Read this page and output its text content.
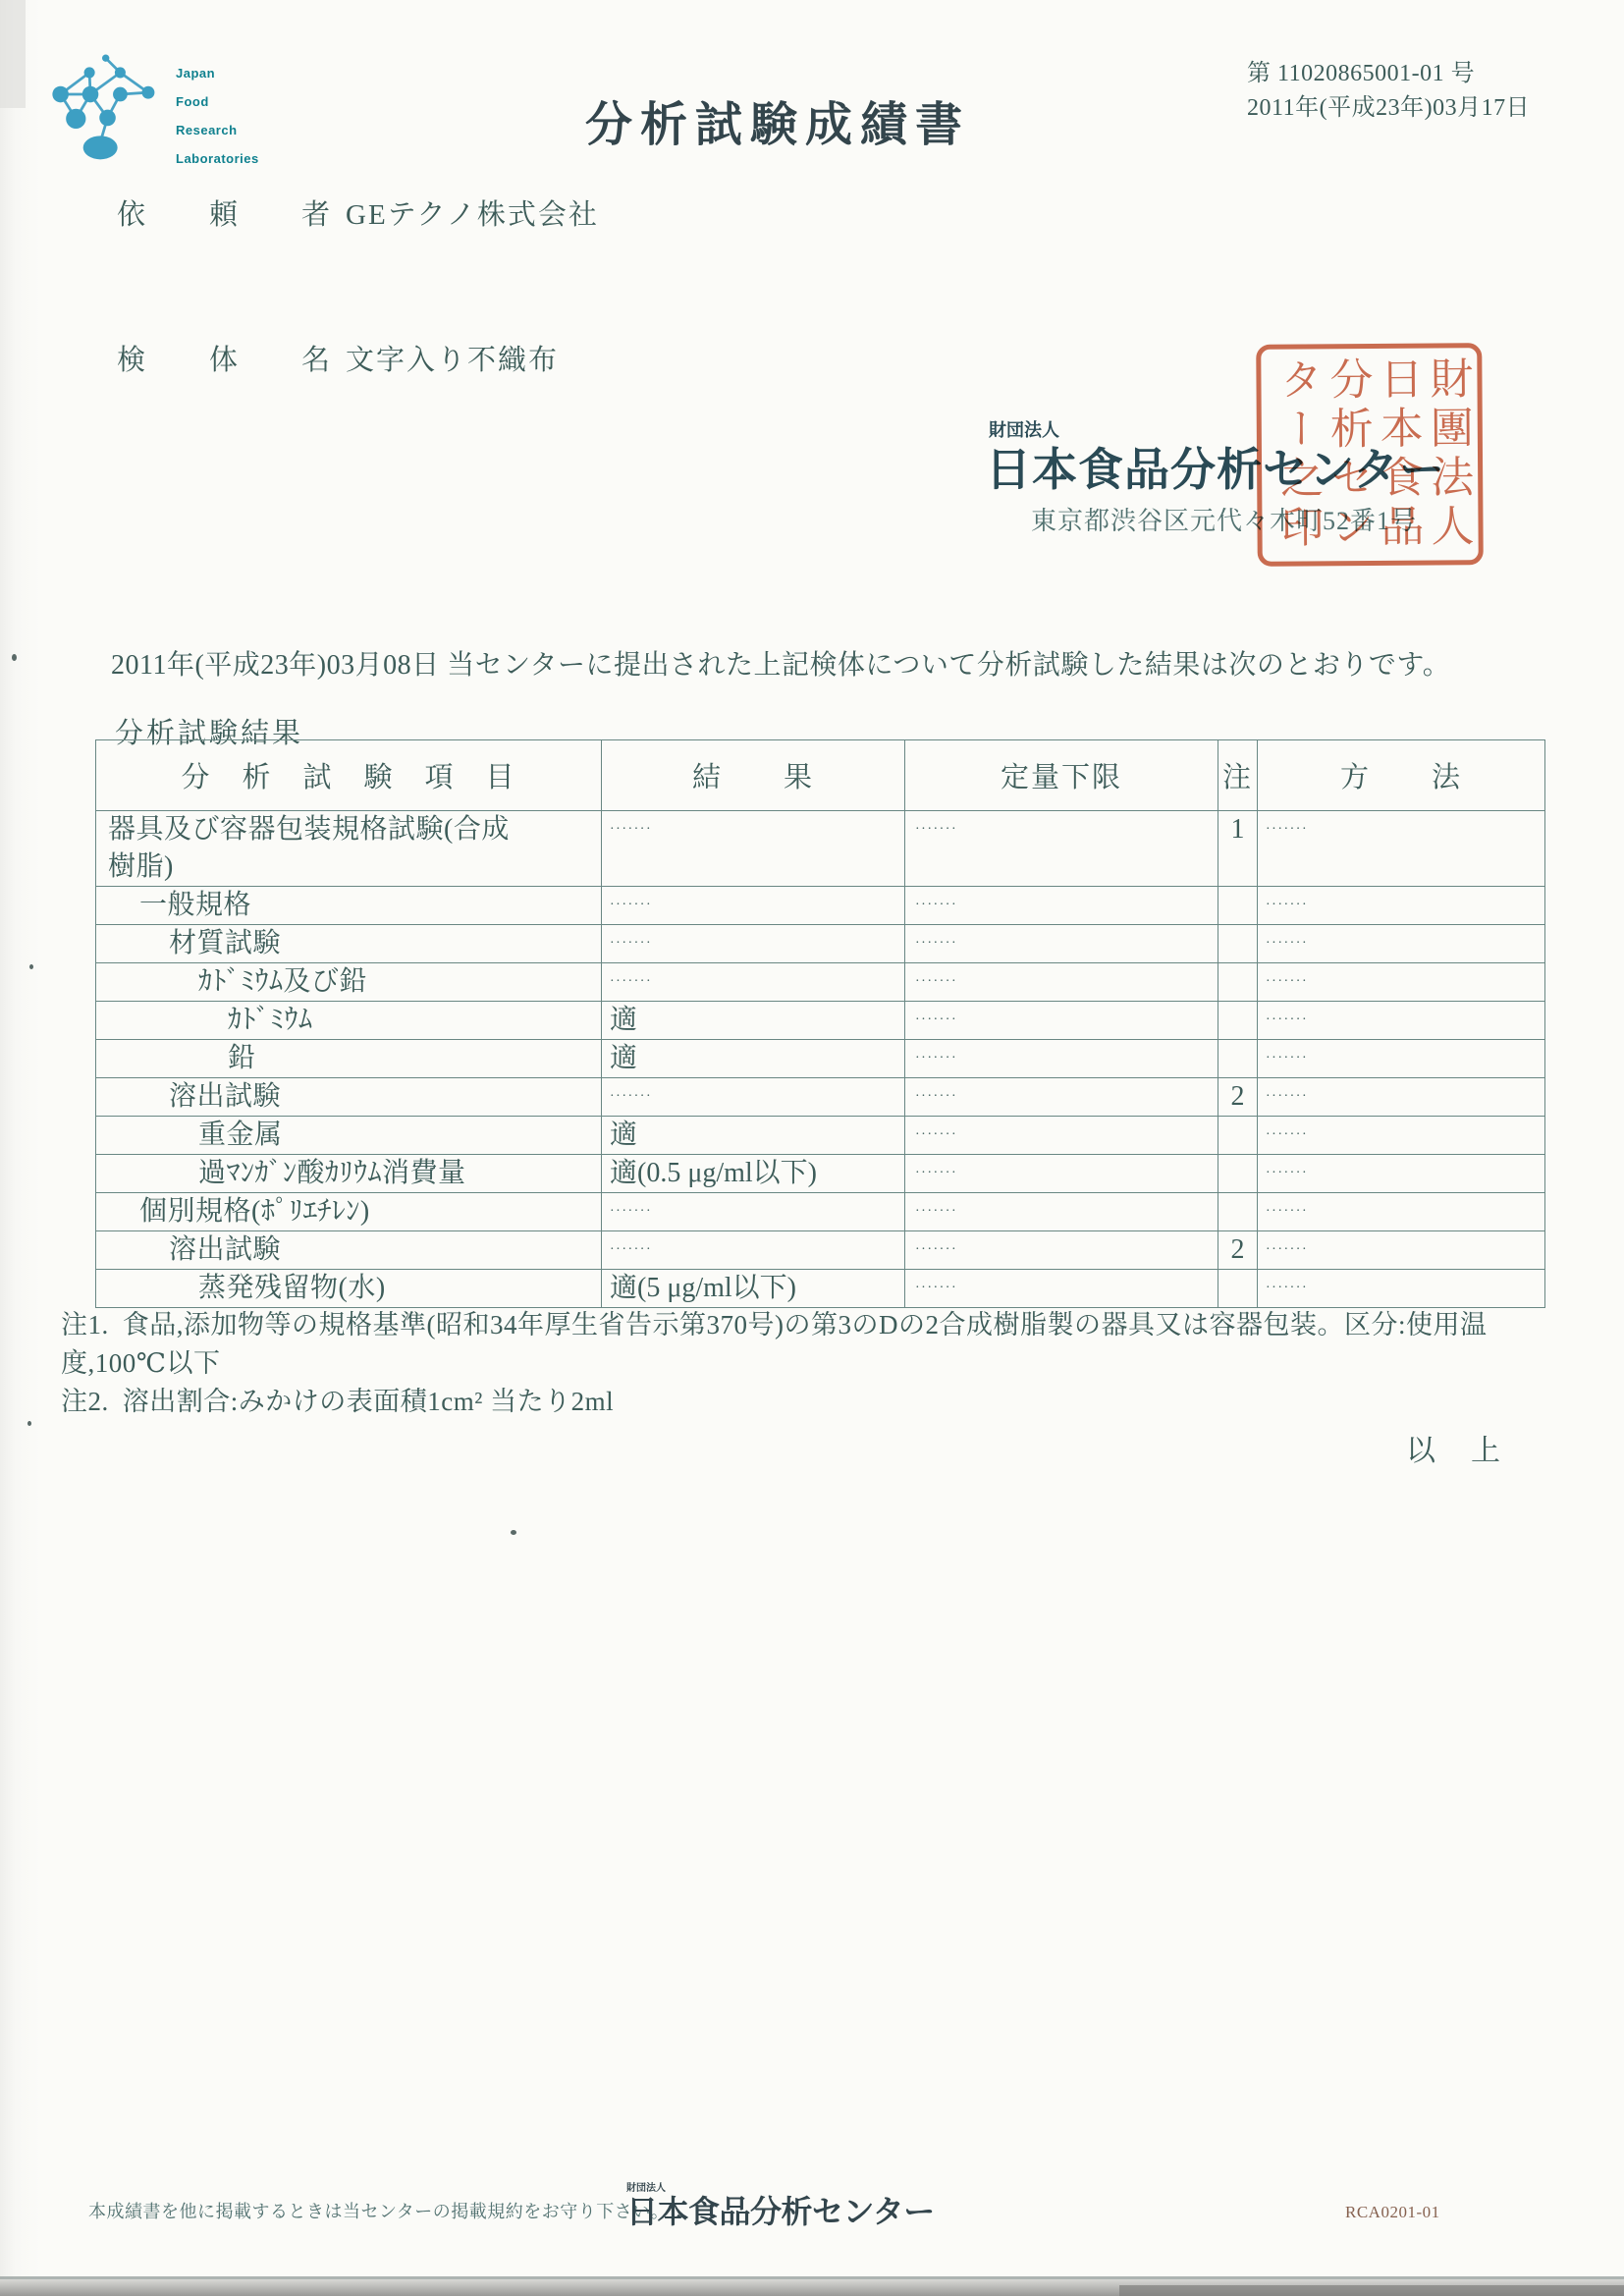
Japan
Food
Research
Laboratories
分析試験成績書
第 11020865001-01 号
2011年(平成23年)03月17日
依　頼　者
GEテクノ株式会社
検　体　名
文字入り不織布
財団法人
日本食品分析センター
東京都渋谷区元代々木町52番1号 財團法人
日本食品
分析セン
ター之印
2011年(平成23年)03月08日 当センターに提出された上記検体について分析試験した結果は次のとおりです。
分析試験結果
分　析　試　験　項　目	結　　果	定量下限	注	方　　法
器具及び容器包装規格試験(合成樹脂)	·······	·······	1	·······
一般規格	·······	·······		·······
材質試験	·······	·······		·······
ｶﾄﾞﾐｳﾑ及び鉛	·······	·······		·······
ｶﾄﾞﾐｳﾑ	適	·······		·······
鉛	適	·······		·······
溶出試験	·······	·······	2	·······
重金属	適	·······		·······
過ﾏﾝｶﾞﾝ酸ｶﾘｳﾑ消費量	適(0.5 μg/ml以下)	·······		·······
個別規格(ﾎﾟﾘｴﾁﾚﾝ)	·······	·······		·······
溶出試験	·······	·······	2	·······
蒸発残留物(水)	適(5 μg/ml以下)	·······		·······
注1. 食品,添加物等の規格基準(昭和34年厚生省告示第370号)の第3のDの2合成樹脂製の器具又は容器包装。区分:使用温度,100℃以下
注2. 溶出割合:みかけの表面積1cm² 当たり2ml
以　上
本成績書を他に掲載するときは当センターの掲載規約をお守り下さい。
財団法人
日本食品分析センター	RCA0201-01
